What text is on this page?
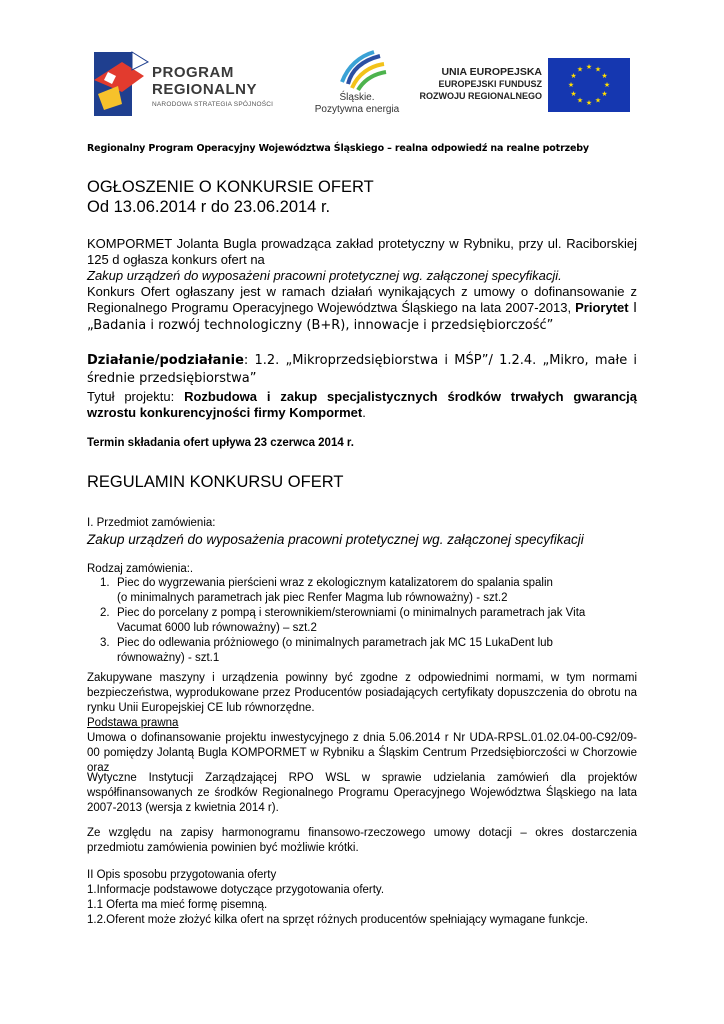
PROGRAM
REGIONALNY
NARODOWA STRATEGIA SPÓJNOŚCI
Śląskie.
Pozytywna energia
UNIA EUROPEJSKA
EUROPEJSKI FUNDUSZ
ROZWOJU REGIONALNEGO
★ ★
★
★
★
★
★
★
★
★
★
★
Regionalny Program Operacyjny Województwa Śląskiego – realna odpowiedź na realne potrzeby
OGŁOSZENIE O KONKURSIE OFERT
Od 13.06.2014 r do 23.06.2014 r.
KOMPORMET Jolanta Bugla prowadząca zakład protetyczny w Rybniku, przy ul. Raciborskiej 125 d ogłasza konkurs ofert na
Zakup urządzeń do wyposażeni pracowni protetycznej wg. załączonej specyfikacji.
Konkurs Ofert ogłaszany jest w ramach działań wynikających z umowy o dofinansowanie z Regionalnego Programu Operacyjnego Województwa Śląskiego na lata 2007-2013, Priorytet I „Badania i rozwój technologiczny (B+R), innowacje i przedsiębiorczość”
Działanie/podziałanie: 1.2. „Mikroprzedsiębiorstwa i MŚP”/ 1.2.4. „Mikro, małe i średnie przedsiębiorstwa”
Tytuł projektu: Rozbudowa i zakup specjalistycznych środków trwałych gwarancją wzrostu konkurencyjności firmy Kompormet.
Termin składania ofert upływa 23 czerwca 2014 r.
REGULAMIN KONKURSU OFERT
I. Przedmiot zamówienia:
Zakup urządzeń do wyposażenia pracowni protetycznej wg. załączonej specyfikacji
Rodzaj zamówienia:.
1. Piec do wygrzewania pierścieni wraz z ekologicznym katalizatorem do spalania spalin
(o minimalnych parametrach jak piec Renfer Magma lub równoważny) - szt.2
2. Piec do porcelany z pompą i sterownikiem/sterowniami (o minimalnych parametrach jak Vita
Vacumat 6000 lub równoważny) – szt.2
3. Piec do odlewania próżniowego (o minimalnych parametrach jak MC 15 LukaDent lub
równoważny) - szt.1
Zakupywane maszyny i urządzenia powinny być zgodne z odpowiednimi normami, w tym normami bezpieczeństwa, wyprodukowane przez Producentów posiadających certyfikaty dopuszczenia do obrotu na rynku Unii Europejskiej CE lub równorzędne.
Podstawa prawna
Umowa o dofinansowanie projektu inwestycyjnego z dnia 5.06.2014 r Nr UDA-RPSL.01.02.04-00-C92/09-00 pomiędzy Jolantą Bugla KOMPORMET w Rybniku a Śląskim Centrum Przedsiębiorczości w Chorzowie oraz
Wytyczne Instytucji Zarządzającej RPO WSL w sprawie udzielania zamówień dla projektów współfinansowanych ze środków Regionalnego Programu Operacyjnego Województwa Śląskiego na lata 2007-2013 (wersja z kwietnia 2014 r).
Ze względu na zapisy harmonogramu finansowo-rzeczowego umowy dotacji – okres dostarczenia przedmiotu zamówienia powinien być możliwie krótki.
II Opis sposobu przygotowania oferty
1.Informacje podstawowe dotyczące przygotowania oferty.
1.1 Oferta ma mieć formę pisemną.
1.2.Oferent może złożyć kilka ofert na sprzęt różnych producentów spełniający wymagane funkcje.
